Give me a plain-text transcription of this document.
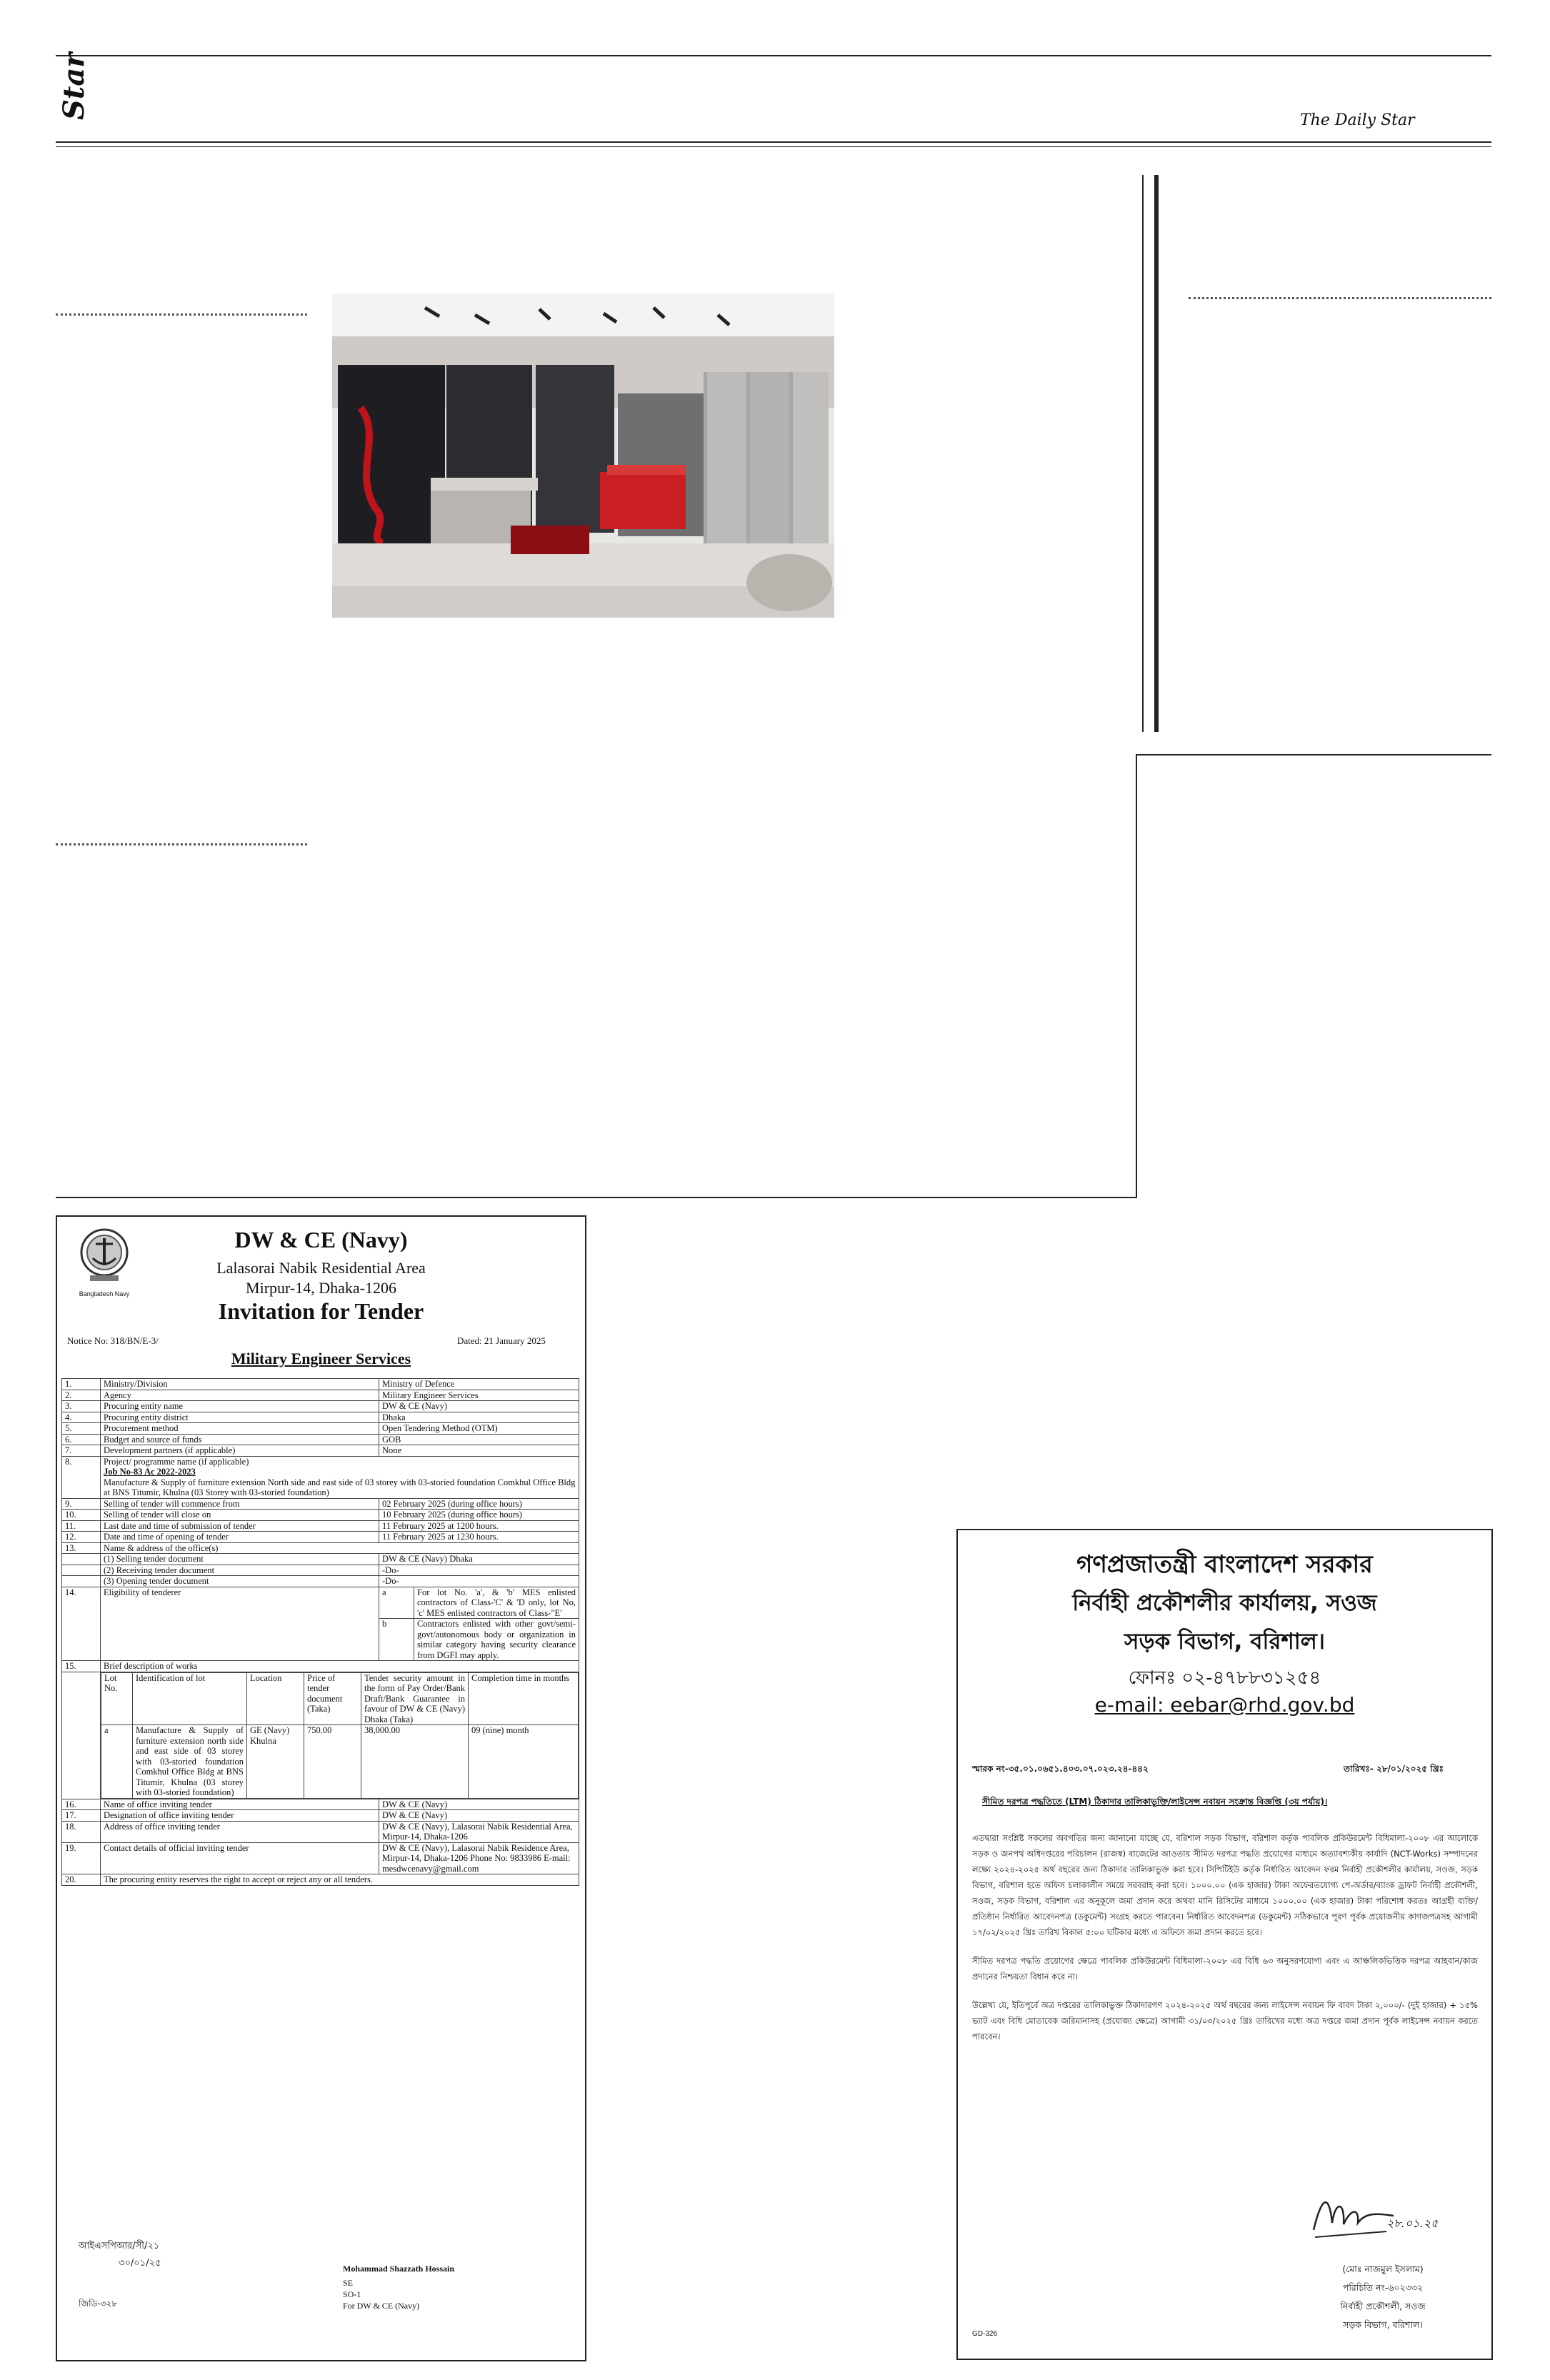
Star
The Daily Star
Bangladesh Navy
DW & CE (Navy)
Lalasorai Nabik Residential Area
Mirpur-14, Dhaka-1206
Invitation for Tender
Notice No: 318/BN/E-3/	Dated: 21 January 2025
Military Engineer Services
1.	Ministry/Division	Ministry of Defence
2.	Agency	Military Engineer Services
3.	Procuring entity name	DW & CE (Navy)
4.	Procuring entity district	Dhaka
5.	Procurement method	Open Tendering Method (OTM)
6.	Budget and source of funds	GOB
7.	Development partners (if applicable)	None
8.	Project/ programme name (if applicable)
Job No-83 Ac 2022-2023
Manufacture & Supply of furniture extension North side and east side of 03 storey with 03-storied foundation Comkhul Office Bldg at BNS Titumir, Khulna (03 Storey with 03-storied foundation)

9.	Selling of tender will commence from	02 February 2025 (during office hours)
10.	Selling of tender will close on	10 February 2025 (during office hours)
11.	Last date and time of submission of tender	11 February 2025 at 1200 hours.
12.	Date and time of opening of tender	11 February 2025 at 1230 hours.
13.	Name & address of the office(s)
	(1) Selling tender document	DW & CE (Navy) Dhaka
	(2) Receiving tender document	-Do-
	(3) Opening tender document	-Do-
14.	Eligibility of tenderer		a	For lot No. 'a', & 'b' MES enlisted contractors of Class-'C' & 'D only, lot No, 'c' MES enlisted contractors of Class-"E'
b	Contractors enlisted with other govt/semi-govt/autonomous body or organization in similar category having security clearance from DGFI may apply.

15.	Brief description of works

Lot No.	Identification of lot	Location	Price of tender document (Taka)	Tender security amount in the form of Pay Order/Bank Draft/Bank Guarantee in favour of DW & CE (Navy) Dhaka (Taka)	Completion time in months
a	Manufacture & Supply of furniture extension north side and east side of 03 storey with 03-storied foundation Comkhul Office Bldg at BNS Titumir, Khulna (03 storey with 03-storied foundation)	GE (Navy) Khulna	750.00	38,000.00	09 (nine) month

16.	Name of office inviting tender	DW & CE (Navy)
17.	Designation of office inviting tender	DW & CE (Navy)
18.	Address of office inviting tender	DW & CE (Navy), Lalasorai Nabik Residential Area, Mirpur-14, Dhaka-1206
19.	Contact details of official inviting tender	DW & CE (Navy), Lalasorai Nabik Residence Area, Mirpur-14, Dhaka-1206 Phone No: 9833986 E-mail: mesdwcenavy@gmail.com
20.	The procuring entity reserves the right to accept or reject any or all tenders.
আইএসপিআর/সী/২১
৩০/০১/২৫	Mohammad Shazzath Hossain
SE
SO-1
For DW & CE (Navy)
জিডি-৩২৮
গণপ্রজাতন্ত্রী বাংলাদেশ সরকার
নির্বাহী প্রকৌশলীর কার্যালয়, সওজ
সড়ক বিভাগ, বরিশাল।
ফোনঃ ০২-৪৭৮৮৩১২৫৪
e-mail: eebar@rhd.gov.bd
স্মারক নং-৩৫.০১.০৬৫১.৪০৩.০৭.০২৩.২৪-৪৪২	তারিখঃ- ২৮/০১/২০২৫ খ্রিঃ
সীমিত দরপত্র পদ্ধতিতে (LTM) ঠিকাদার তালিকাভুক্তি/লাইসেন্স নবায়ন সংক্রান্ত বিজ্ঞপ্তি (৩য় পর্যায়)।

এতদ্বারা সংশ্লিষ্ট সকলের অবগতির জন্য জানানো যাচ্ছে যে, বরিশাল সড়ক বিভাগ, বরিশাল কর্তৃক পাবলিক প্রকিউরমেন্ট বিধিমালা-২০০৮ এর আলোকে সড়ক ও জনপথ অধিদপ্তরের পরিচালন (রাজস্ব) বাজেটের আওতায় সীমিত দরপত্র পদ্ধতি প্রয়োগের মাধ্যমে অত্যাবশ্যকীয় কার্যাদি (NCT-Works) সম্পাদনের লক্ষ্যে ২০২৪-২০২৫ অর্থ বছরের জন্য ঠিকাদার তালিকাভুক্ত করা হবে। সিপিটিইউ কর্তৃক নির্ধারিত আবেদন ফরম নির্বাহী প্রকৌশলীর কার্যালয়, সওজ, সড়ক বিভাগ, বরিশাল হতে অফিস চলাকালীন সময়ে সরবরাহ করা হবে। ১০০০.০০ (এক হাজার) টাকা অফেরতযোগ্য পে-অর্ডার/ব্যাংক ড্রাফট নির্বাহী প্রকৌশলী, সওজ, সড়ক বিভাগ, বরিশাল এর অনুকূলে জমা প্রদান করে অথবা মানি রিসিটের মাধ্যমে ১০০০.০০ (এক হাজার) টাকা পরিশোধ করতঃ আগ্রহী ব্যক্তি/প্রতিষ্ঠান নির্ধারিত আবেদনপত্র (ডকুমেন্ট) সংগ্রহ করতে পারবেন। নির্ধারিত আবেদনপত্র (ডকুমেন্ট) সঠিকভাবে পূরণ পূর্বক প্রয়োজনীয় কাগজপত্রসহ আগামী ১৭/০২/২০২৫ খ্রিঃ তারিখ বিকাল ৫:০০ ঘটিকার মধ্যে এ অফিসে জমা প্রদান করতে হবে।

সীমিত দরপত্র পদ্ধতি প্রয়োগের ক্ষেত্রে পাবলিক প্রকিউরমেন্ট বিধিমালা-২০০৮ এর বিধি ৬৩ অনুসরণযোগ্য এবং এ আঞ্চলিকভিত্তিক দরপত্র আহবান/কাজ প্রদানের নিশ্চয়তা বিধান করে না।

উল্লেখ্য যে, ইতিপূর্বে অত্র দপ্তরের তালিকাভুক্ত ঠিকাদারগণ ২০২৪-২০২৫ অর্থ বছরের জন্য লাইসেন্স নবায়ন ফি বাবদ টাকা ২,০০০/- (দুই হাজার) + ১৫% ভ্যাট এবং বিধি মোতাবেক জরিমানাসহ (প্রযোজ্য ক্ষেত্রে) আগামী ৩১/০৩/২০২৫ খ্রিঃ তারিখের মধ্যে অত্র দপ্তরে জমা প্রদান পূর্বক লাইসেন্স নবায়ন করতে পারবেন।

২৮.০১.২৫
(মোঃ নাজমুল ইসলাম)
পরিচিতি নং-৬০২৩৩২
নির্বাহী প্রকৌশলী, সওজ
সড়ক বিভাগ, বরিশাল।
GD-326
